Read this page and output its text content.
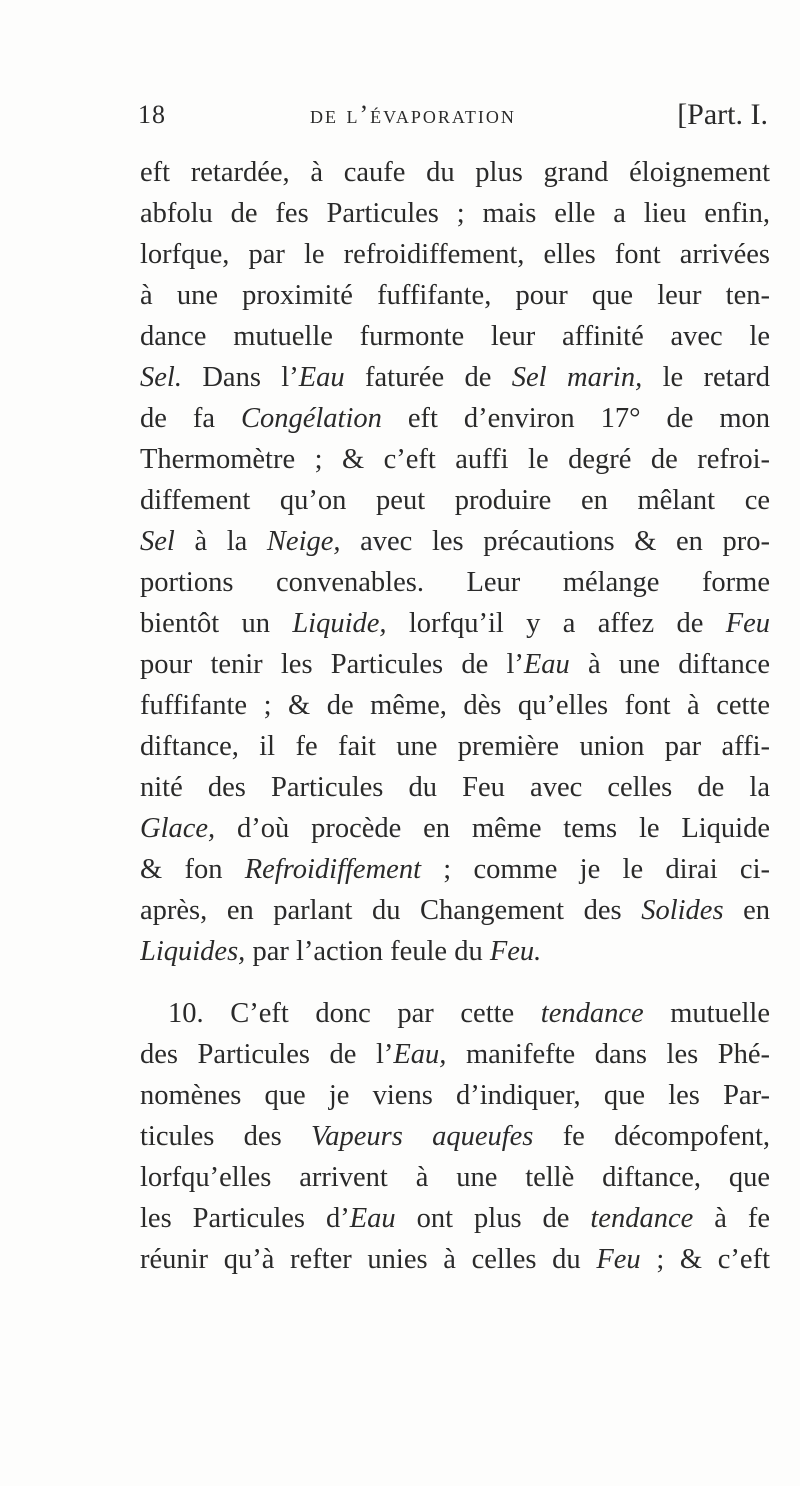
18	de l’évaporation	[Part. I.
eft retardée, à caufe du plus grand éloignement
abfolu de fes Particules ; mais elle a lieu enfin,
lorfque, par le refroidiffement, elles font arrivées
à une proximité fuffifante, pour que leur ten-
dance mutuelle furmonte leur affinité avec le
Sel. Dans l’Eau faturée de Sel marin, le retard
de fa Congélation eft d’environ 17° de mon
Thermomètre ; & c’eft auffi le degré de refroi-
diffement qu’on peut produire en mêlant ce
Sel à la Neige, avec les précautions & en pro-
portions convenables. Leur mélange forme
bientôt un Liquide, lorfqu’il y a affez de Feu
pour tenir les Particules de l’Eau à une diftance
fuffifante ; & de même, dès qu’elles font à cette
diftance, il fe fait une première union par affi-
nité des Particules du Feu avec celles de la
Glace, d’où procède en même tems le Liquide
& fon Refroidiffement ; comme je le dirai ci-
après, en parlant du Changement des Solides en
Liquides, par l’action feule du Feu.
10. C’eft donc par cette tendance mutuelle
des Particules de l’Eau, manifefte dans les Phé-
nomènes que je viens d’indiquer, que les Par-
ticules des Vapeurs aqueufes fe décompofent,
lorfqu’elles arrivent à une tellè diftance, que
les Particules d’Eau ont plus de tendance à fe
réunir qu’à refter unies à celles du Feu ; & c’eft
